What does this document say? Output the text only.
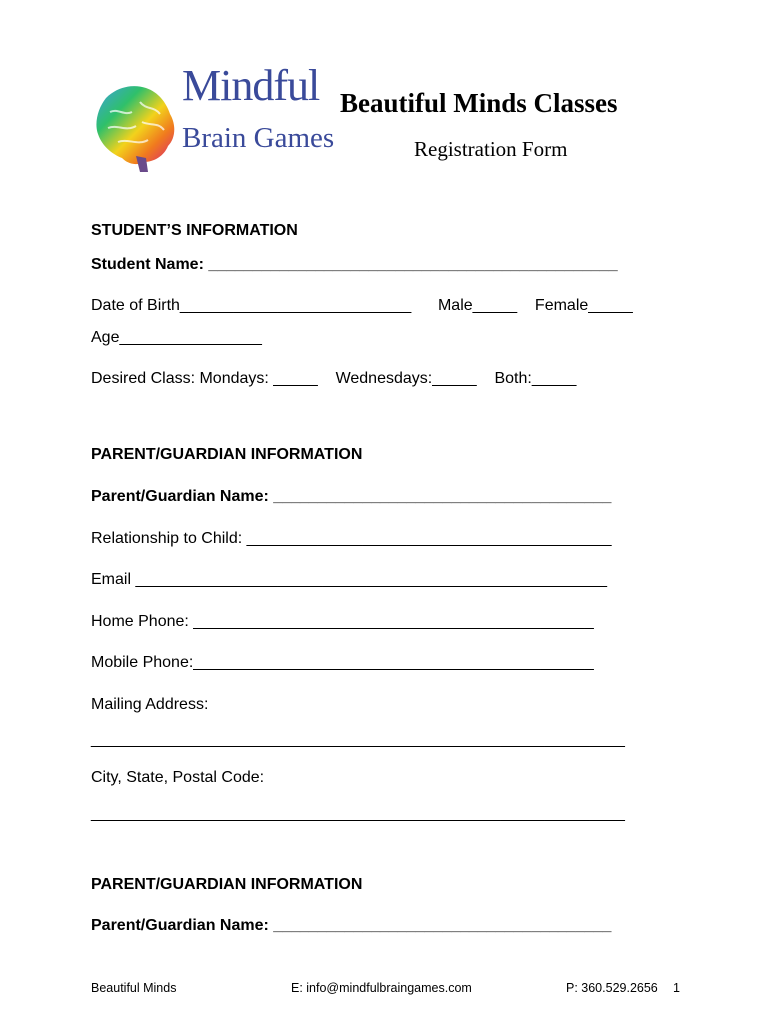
Mindful
Brain Games
Beautiful Minds Classes
Registration Form
STUDENT’S INFORMATION
Student Name: ______________________________________________
Date of Birth__________________________      Male_____    Female_____
Age________________
Desired Class: Mondays: _____    Wednesdays:_____    Both:_____
PARENT/GUARDIAN INFORMATION
Parent/Guardian Name: ______________________________________
Relationship to Child: _________________________________________
Email _____________________________________________________
Home Phone: _____________________________________________
Mobile Phone:_____________________________________________
Mailing Address:
____________________________________________________________
City, State, Postal Code:
____________________________________________________________
PARENT/GUARDIAN INFORMATION
Parent/Guardian Name: ______________________________________
Beautiful Minds	E: info@mindfulbraingames.com	P: 360.529.2656 1
